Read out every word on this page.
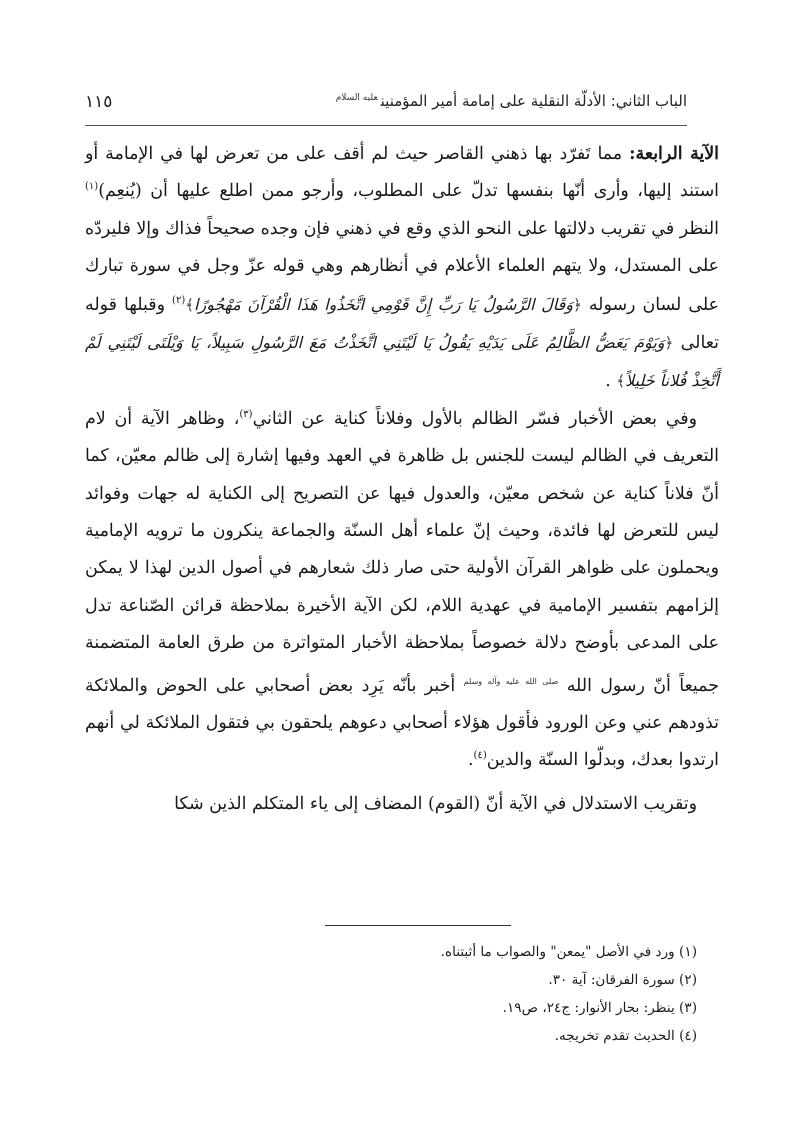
الباب الثاني: الأدلّة النقلية على إمامة أمير المؤمنين$^{عليه السلام}$
١١٥

الآية الرابعة: مما تَفرّد بها ذهني القاصر حيث لم أقف على من تعرض لها في الإمامة أو استند إليها، وأرى أنّها بنفسها تدلّ على المطلوب، وأرجو ممن اطلع عليها أن (يُنعِم)$^{(١)}$ النظر في تقريب دلالتها على النحو الذي وقع في ذهني فإن وجده صحيحاً فذاك وإلا فليردّه على المستدل، ولا يتهم العلماء الأعلام في أنظارهم وهي قوله عزّ وجل في سورة تبارك على لسان رسوله ﴿وَقَالَ الرَّسُولُ يَا رَبِّ إِنَّ قَوْمِي اتَّخَذُوا هَذَا الْقُرْآنَ مَهْجُورًا﴾$^{(٢)}$ وقبلها قوله تعالى ﴿وَيَوْمَ يَعَضُّ الظَّالِمُ عَلَى يَدَيْهِ يَقُولُ يَا لَيْتَنِي اتَّخَذْتُ مَعَ الرَّسُولِ سَبِيلاً، يَا وَيْلَتَى لَيْتَنِي لَمْ أَتَّخِذْ فُلاناً خَلِيلاً﴾ .

وفي بعض الأخبار فسّر الظالم بالأول وفلاناً كناية عن الثاني$^{(٣)}$، وظاهر الآية أن لام التعريف في الظالم ليست للجنس بل ظاهرة في العهد وفيها إشارة إلى ظالم معيّن، كما أنّ فلاناً كناية عن شخص معيّن، والعدول فيها عن التصريح إلى الكناية له جهات وفوائد ليس للتعرض لها فائدة، وحيث إنّ علماء أهل السنّة والجماعة ينكرون ما ترويه الإمامية ويحملون على ظواهر القرآن الأولية حتى صار ذلك شعارهم في أصول الدين لهذا لا يمكن إلزامهم بتفسير الإمامية في عهدية اللام، لكن الآية الأخيرة بملاحظة قرائن الصّناعة تدل على المدعى بأوضح دلالة خصوصاً بملاحظة الأخبار المتواترة من طرق العامة المتضمنة جميعاً أنّ رسول الله $^{صلى الله عليه وآله وسلم}$ أخبر بأنّه يَرِد بعض أصحابي على الحوض والملائكة تذودهم عني وعن الورود فأقول هؤلاء أصحابي دعوهم يلحقون بي فتقول الملائكة لي أنهم ارتدوا بعدك، وبدلّوا السنّة والدين$^{(٤)}$.

وتقريب الاستدلال في الآية أنّ (القوم) المضاف إلى ياء المتكلم الذين شكا

(١) ورد في الأصل "يمعن" والصواب ما أثبتناه.

(٢) سورة الفرقان: آية ٣٠.

(٣) ينظر: بحار الأنوار: ج٢٤، ص١٩.

(٤) الحديث تقدم تخريجه.
